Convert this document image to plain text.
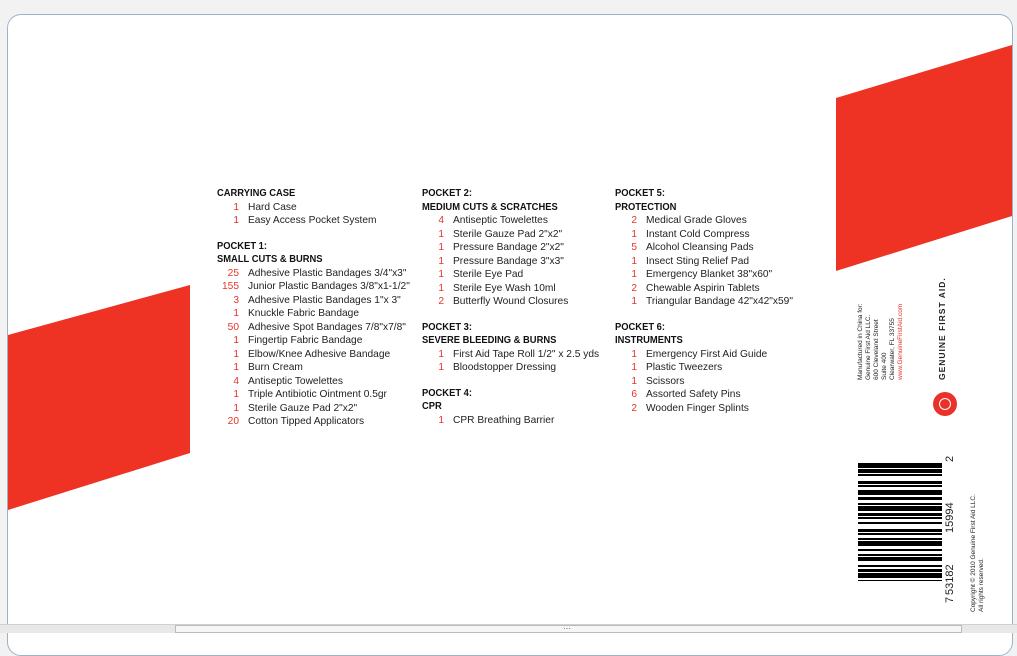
CARRYING CASE
1 Hard Case
1 Easy Access Pocket System
POCKET 1:
SMALL CUTS & BURNS
25 Adhesive Plastic Bandages 3/4"x3"
155 Junior Plastic Bandages 3/8"x1-1/2"
3 Adhesive Plastic Bandages 1"x 3"
1 Knuckle Fabric Bandage
50 Adhesive Spot Bandages 7/8"x7/8"
1 Fingertip Fabric Bandage
1 Elbow/Knee Adhesive Bandage
1 Burn Cream
4 Antiseptic Towelettes
1 Triple Antibiotic Ointment 0.5gr
1 Sterile Gauze Pad 2"x2"
20 Cotton Tipped Applicators
POCKET 2:
MEDIUM CUTS & SCRATCHES
4 Antiseptic Towelettes
1 Sterile Gauze Pad 2"x2"
1 Pressure Bandage 2"x2"
1 Pressure Bandage 3"x3"
1 Sterile Eye Pad
1 Sterile Eye Wash 10ml
2 Butterfly Wound Closures
POCKET 3:
SEVERE BLEEDING & BURNS
1 First Aid Tape Roll 1/2" x 2.5 yds
1 Bloodstopper Dressing
POCKET 4:
CPR
1 CPR Breathing Barrier
POCKET 5:
PROTECTION
2 Medical Grade Gloves
1 Instant Cold Compress
5 Alcohol Cleansing Pads
1 Insect Sting Relief Pad
1 Emergency Blanket 38"x60"
2 Chewable Aspirin Tablets
1 Triangular Bandage 42"x42"x59"
POCKET 6:
INSTRUMENTS
1 Emergency First Aid Guide
1 Plastic Tweezers
1 Scissors
6 Assorted Safety Pins
2 Wooden Finger Splints
Manufactured in China for: Genuine First Aid LLC. 600 Cleveland Street Suite 400 Clearwater, FL 33755 www.GenuineFirstAid.com	GENUINE FIRST AID.
7
53182
15994
2
Copyright © 2010 Genuine First Aid LLC. All rights reserved.
⋯
